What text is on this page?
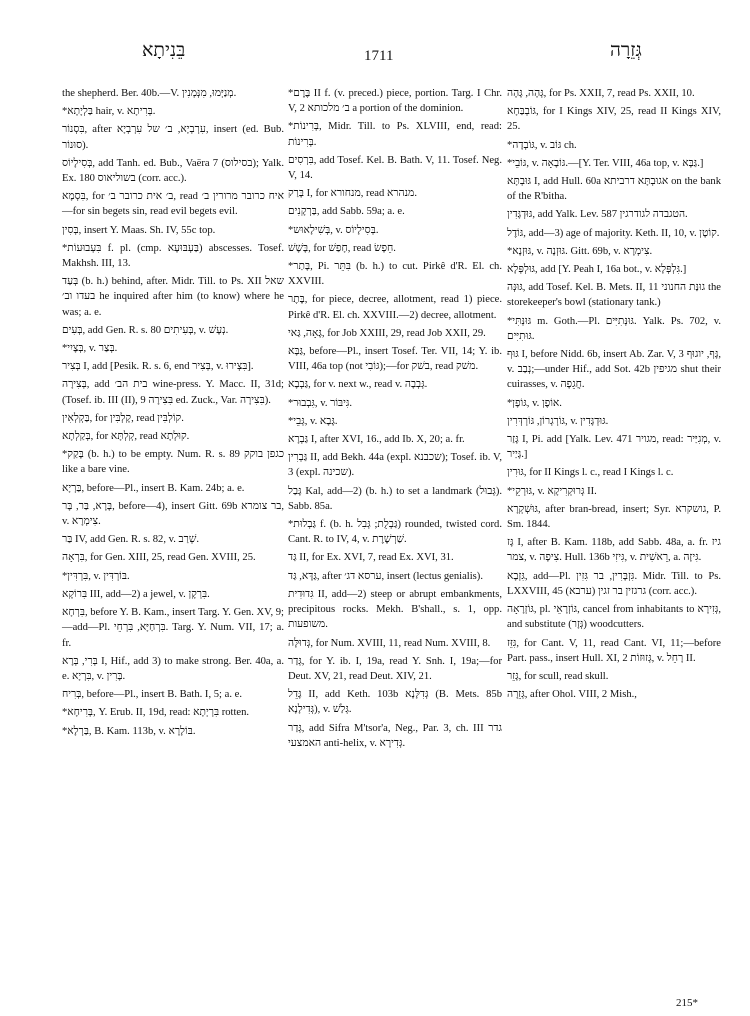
בֵּנִיתָא	1711	גְּזֵרָה
the shepherd. Ber. 40b.—V. מְנַיְּמוּ, מִנְּמְנִין.
*בַּלְיָתָא hair, v. בְּרִיתָא.
בִּסְנוֹר, after עִרְבְיָא, ב׳ של עִרְבְיָא, insert (ed. Bub. סוּנוֹר).
בְּסִילָיוֹס, add Tanh. ed. Bub., Vaëra 7 (בסילוס); Yalk. Ex. 180 בשוליאוס (corr. acc.).
בִּסְמָא, for ב׳ אית כרובר ב׳, read איח כרובר מרורין ב׳—for sin begets sin, read evil begets evil.
בְּסִין, insert Y. Maas. Sh. IV, 55c top.
*בִּעְבוּעוֹת f. pl. (cmp. בַּעְבּוּעָא) abscesses. Tosef. Makhsh. III, 13.
בְּעַד (b. h.) behind, after. Midr. Till. to Ps. XII שאל בעדו וב׳ he inquired after him (to know) where he was; a. e.
בְּעִים, add Gen. R. s. 80 בְּעִיתִים, v. נְעָשׁ.
*בְּצָיִי, v. בְּצַר.
בְּצִיר I, add [Pesik. R. s. 6, end בְּצִיר, v. בִּצְירוּ].
בְּצִירָה, add בית הב׳ wine-press. Y. Macc. II, 31d; (Tosef. ib. III (II), 9 בִּצִירָה ed. Zuck., Var. בִּצִירָה).
בַּקְלְאִין, for קָלְבִּין, read קוֹלְבִּין.
בְּקַלְתָא, for קְלְתָּא, read קוּלְתָא.
*בָּקַק (b. h.) to be empty. Num. R. s. 89 כגפן בוקק like a bare vine.
בַּרְיָא, before—Pl., insert B. Kam. 24b; a. e.
בָּרָא, בַּר, בָּר, before—4), insert Gitt. 69b בר צומרא, v. צִימְרָא.
בַּר IV, add Gen. R. s. 82, v. שְׁרַב.
בִּרְאָה, for Gen. XIII, 25, read Gen. XVIII, 25.
*בִּרְדִּין, v. בּוֹרְדִּין.
בִּרוֹקָא III, add—2) a jewel, v. בִּרְקָן.
בִּרְחָא, before Y. B. Kam., insert Targ. Y. Gen. XV, 9;—add—Pl. בִּרְחַיָּא, בִּרְחֵי. Targ. Y. Num. VII, 17; a. fr.
בְּרִי, בְּרָא I, Hif., add 3) to make strong. Ber. 40a, a. e. בִּרְיָא, v. בָּרִין.
בְּרִיח, before—Pl., insert B. Bath. I, 5; a. e.
*בְּרִיחָא, Y. Erub. II, 19d, read: בִּרְיְתָא rotten.
*בַּרְלָא, B. Kam. 113b, v. בּוֹלָרָא.
*בֶּרֶם II f. (v. preced.) piece, portion. Targ. I Chr. V, 2 ב׳ מלכותא a portion of the dominion.
*בְּרִינוֹת, Midr. Till. to Ps. XLVIII, end, read: בְּרִינוֹת.
בִּרְסִים, add Tosef. Kel. B. Bath. V, 11. Tosef. Neg. V, 14.
בָּרַק I, for מנחורא, read מנהרא.
בַּרְקָנִים, add Sabb. 59a; a. e.
*בְּשִׁילָאוּש, v. בְּסִילָיוֹס.
בָּשָׁשׁ, for חָפַשׁ, read חֵפָשׂ.
*בָּתַר, Pi. בִּתֵּר (b. h.) to cut. Pirkê d'R. El. ch. XXVIII.
בֶּתֶר, for piece, decree, allotment, read 1) piece. Pirkê d'R. El. ch. XXVIII.—2) decree, allotment.
גָּאָה, גַּאי, for Job XXIII, 29, read Job XXII, 29.
גַּבָּא, before—Pl., insert Tosef. Ter. VII, 14; Y. ib. VIII, 46a top (not גּוֹבִי);—for בשׁק, read משׁק.
גַּבְבָא, for v. next w., read v. גְּבְבָה.
*גִּבְבוּר, v. גִּיבּוֹר.
*גְּבֵי, v. גָּבָא.
גַּבְרָא I, after XVI, 16., add Ib. X, 20; a. fr.
גַּבְרִין II, add Bekh. 44a (expl. שכבנא); Tosef. ib. V, 3 (expl. שכינה).
גָּבַל Kal, add—2) (b. h.) to set a landmark (גְּבוּל). Sabb. 85a.
*גַּבְלוּת f. (b. h. גַּבְלֻת; גְּבִל) rounded, twisted cord. Cant. R. to IV, 4, v. שַׁרְשֶׁרֶת.
גַּד II, for Ex. XVI, 7, read Ex. XVI, 31.
גַּדָּא, גַּד, after ערסא דג׳, insert (lectus genialis).
גִּדוּדִית II, add—2) steep or abrupt embankments, precipitous rocks. Mekh. B'shall., s. 1, opp. משופעות.
גְּדוּלָּה, for Num. XVIII, 11, read Num. XVIII, 8.
גְּדַר, for Y. ib. I, 19a, read Y. Snh. I, 19a;—for Deut. XV, 21, read Deut. XIV, 21.
גָּדֵל II, add Keth. 103b גְּדִלָּנָא (B. Mets. 85b גְּדִילָנָא), v. גְּלַשׁ.
גְּדַר, add Sifra M'tsor'a, Neg., Par. 3, ch. III גדר האמצעי anti-helix, v. גְּדִירָא.
גְּהָה, גָּהָה, for Ps. XXII, 7, read Ps. XXII, 10.
גּוֹבְבַּחָא, for I Kings XIV, 25, read II Kings XIV, 25.
*גּוֹבְדָה, v. גּוֹב ch.
*גּוֹבֵי, v. גּוֹבָאָה.—[Y. Ter. VIII, 46a top, v. גַּבָּא.]
גּוּבְתָּא I, add Hull. 60a אגוּבְתָּא דרביתא on the bank of the R'bitha.
גּוּדְגָּדִין, add Yalk. Lev. 587 הטגבדה לגודרגין.
גּוֹדֶל, add—3) age of majority. Keth. II, 10, v. קוֹטָן.
*גּוּזְנָא, v. גּוּזְנָה. Gitt. 69b, v. צִימְרָא.
גּוּלְפְּלָא, add [Y. Peah I, 16a bot., v. גִּלְפְּלָא.]
גּוּנְּה, add Tosef. Kel. B. Mets. II, 11 גוּנַּת החנוני the storekeeper's bowl (stationary tank.)
*גּוּנְּתִּי m. Goth.—Pl. גּוּנְּתִיִּים. Yalk. Ps. 702, v. גּוּתִיִּים.
גּוּף I, before Nidd. 6b, insert Ab. Zar. V, 3 גָּף, יוגוּף, v. נְבַב;—under Hif., add Sot. 42b מגיפין shut their cuirasses, v. חֲגֵפָה.
*גּוֹפָן, v. אוֹפֶן.
גּוֹרְגְרוֹן, גּוֹרְדְּרִין, v. גּוּדְגָּדִין.
גָּזַר I, Pi. add [Yalk. Lev. 471 מגויר, read: מְגִיַּיר, v. גָּיַיר.]
גּוּרִין, for II Kings l. c., read I Kings l. c.
*גּוּרְקֵי, v. גְּרוּקְרִיקָא II.
גּוּשְׁקְרָא, after bran-bread, insert; Syr. גושקרא, P. Sm. 1844.
גָּז I, after B. Kam. 118b, add Sabb. 48a, a. fr. גיז צמר, v. צִיפָה. Hull. 136b גִּיזִי, v. רֵאשִׁית, a. גִּיזָה.
גִּזְבָא, add—Pl. גִּזְבָּרִין, בר גִּזִין. Midr. Till. to Ps. LXXVIII, 45 (ערבא) גרגזין בר זגין (corr. acc.).
גּוֹזְרָאָה, pl. גּוֹזְרָאֵי, cancel from inhabitants to גְּזִירָא, and substitute (גְּזָר) woodcutters.
גִּזֵּז, for Cant. V, 11, read Cant. VI, 11;—before Part. pass., insert Hull. XI, 2 גְּזוּזוֹת, v. רָחֵל II.
גָּזֵר, for scull, read skull.
גְּזֵרָה, after Ohol. VIII, 2 Mish.,
215*
